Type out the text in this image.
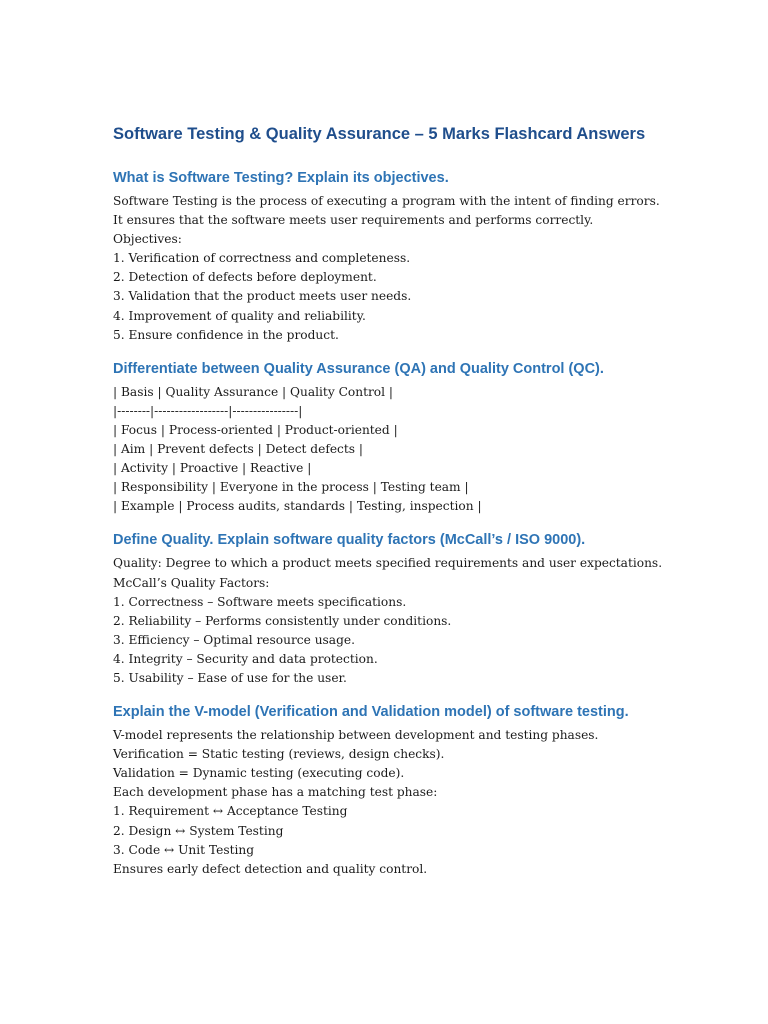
Software Testing & Quality Assurance – 5 Marks Flashcard Answers
What is Software Testing? Explain its objectives.
Software Testing is the process of executing a program with the intent of finding errors.
It ensures that the software meets user requirements and performs correctly.
Objectives:
1. Verification of correctness and completeness.
2. Detection of defects before deployment.
3. Validation that the product meets user needs.
4. Improvement of quality and reliability.
5. Ensure confidence in the product.
Differentiate between Quality Assurance (QA) and Quality Control (QC).
| Basis | Quality Assurance | Quality Control |
|--------|------------------|----------------|
| Focus | Process-oriented | Product-oriented |
| Aim | Prevent defects | Detect defects |
| Activity | Proactive | Reactive |
| Responsibility | Everyone in the process | Testing team |
| Example | Process audits, standards | Testing, inspection |
Define Quality. Explain software quality factors (McCall’s / ISO 9000).
Quality: Degree to which a product meets specified requirements and user expectations.
McCall’s Quality Factors:
1. Correctness – Software meets specifications.
2. Reliability – Performs consistently under conditions.
3. Efficiency – Optimal resource usage.
4. Integrity – Security and data protection.
5. Usability – Ease of use for the user.
Explain the V-model (Verification and Validation model) of software testing.
V-model represents the relationship between development and testing phases.
Verification = Static testing (reviews, design checks).
Validation = Dynamic testing (executing code).
Each development phase has a matching test phase:
1. Requirement ↔ Acceptance Testing
2. Design ↔ System Testing
3. Code ↔ Unit Testing
Ensures early defect detection and quality control.
